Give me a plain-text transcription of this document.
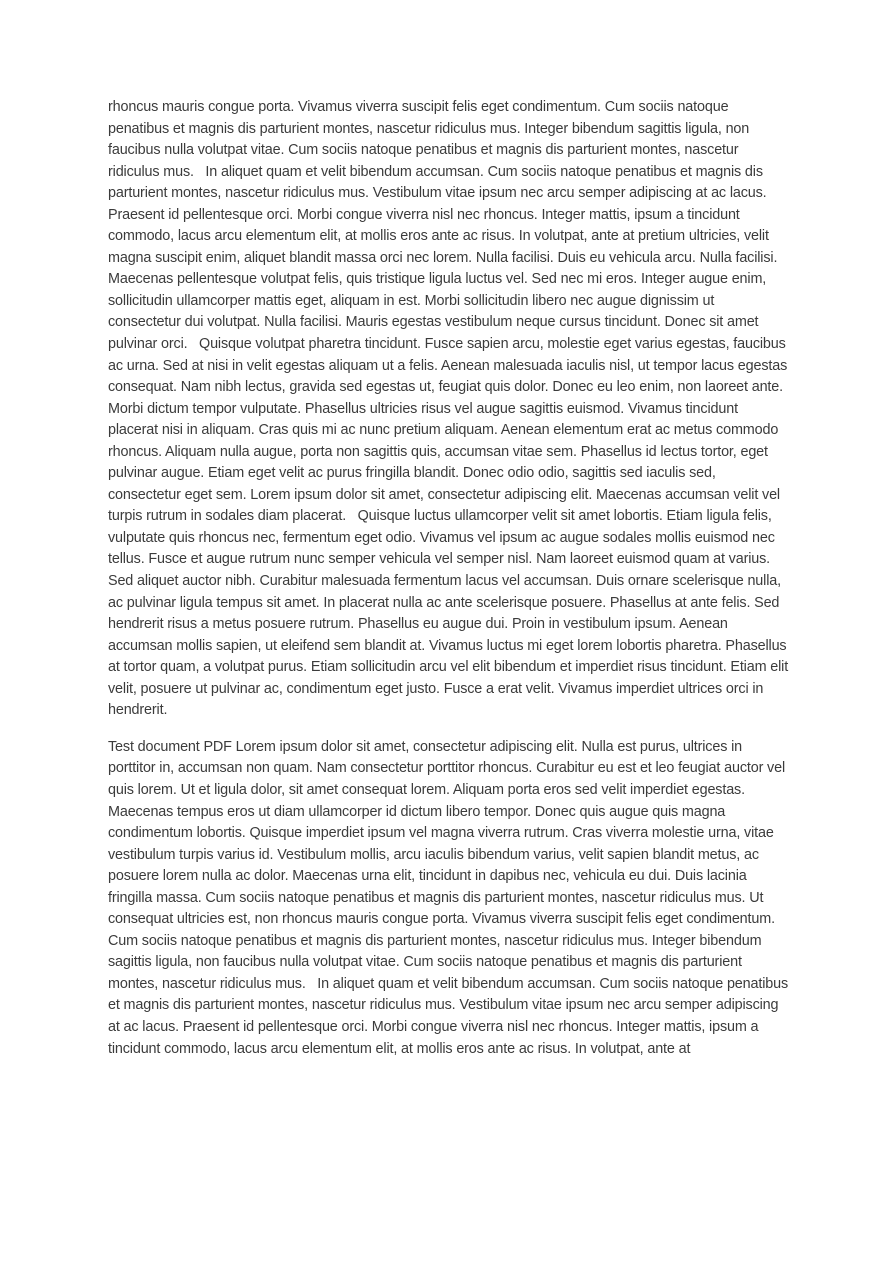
rhoncus mauris congue porta. Vivamus viverra suscipit felis eget condimentum. Cum sociis natoque penatibus et magnis dis parturient montes, nascetur ridiculus mus. Integer bibendum sagittis ligula, non faucibus nulla volutpat vitae. Cum sociis natoque penatibus et magnis dis parturient montes, nascetur ridiculus mus.   In aliquet quam et velit bibendum accumsan. Cum sociis natoque penatibus et magnis dis parturient montes, nascetur ridiculus mus. Vestibulum vitae ipsum nec arcu semper adipiscing at ac lacus. Praesent id pellentesque orci. Morbi congue viverra nisl nec rhoncus. Integer mattis, ipsum a tincidunt commodo, lacus arcu elementum elit, at mollis eros ante ac risus. In volutpat, ante at pretium ultricies, velit magna suscipit enim, aliquet blandit massa orci nec lorem. Nulla facilisi. Duis eu vehicula arcu. Nulla facilisi. Maecenas pellentesque volutpat felis, quis tristique ligula luctus vel. Sed nec mi eros. Integer augue enim, sollicitudin ullamcorper mattis eget, aliquam in est. Morbi sollicitudin libero nec augue dignissim ut consectetur dui volutpat. Nulla facilisi. Mauris egestas vestibulum neque cursus tincidunt. Donec sit amet pulvinar orci.   Quisque volutpat pharetra tincidunt. Fusce sapien arcu, molestie eget varius egestas, faucibus ac urna. Sed at nisi in velit egestas aliquam ut a felis. Aenean malesuada iaculis nisl, ut tempor lacus egestas consequat. Nam nibh lectus, gravida sed egestas ut, feugiat quis dolor. Donec eu leo enim, non laoreet ante. Morbi dictum tempor vulputate. Phasellus ultricies risus vel augue sagittis euismod. Vivamus tincidunt placerat nisi in aliquam. Cras quis mi ac nunc pretium aliquam. Aenean elementum erat ac metus commodo rhoncus. Aliquam nulla augue, porta non sagittis quis, accumsan vitae sem. Phasellus id lectus tortor, eget pulvinar augue. Etiam eget velit ac purus fringilla blandit. Donec odio odio, sagittis sed iaculis sed, consectetur eget sem. Lorem ipsum dolor sit amet, consectetur adipiscing elit. Maecenas accumsan velit vel turpis rutrum in sodales diam placerat.   Quisque luctus ullamcorper velit sit amet lobortis. Etiam ligula felis, vulputate quis rhoncus nec, fermentum eget odio. Vivamus vel ipsum ac augue sodales mollis euismod nec tellus. Fusce et augue rutrum nunc semper vehicula vel semper nisl. Nam laoreet euismod quam at varius. Sed aliquet auctor nibh. Curabitur malesuada fermentum lacus vel accumsan. Duis ornare scelerisque nulla, ac pulvinar ligula tempus sit amet. In placerat nulla ac ante scelerisque posuere. Phasellus at ante felis. Sed hendrerit risus a metus posuere rutrum. Phasellus eu augue dui. Proin in vestibulum ipsum. Aenean accumsan mollis sapien, ut eleifend sem blandit at. Vivamus luctus mi eget lorem lobortis pharetra. Phasellus at tortor quam, a volutpat purus. Etiam sollicitudin arcu vel elit bibendum et imperdiet risus tincidunt. Etiam elit velit, posuere ut pulvinar ac, condimentum eget justo. Fusce a erat velit. Vivamus imperdiet ultrices orci in hendrerit.

Test document PDF Lorem ipsum dolor sit amet, consectetur adipiscing elit. Nulla est purus, ultrices in porttitor in, accumsan non quam. Nam consectetur porttitor rhoncus. Curabitur eu est et leo feugiat auctor vel quis lorem. Ut et ligula dolor, sit amet consequat lorem. Aliquam porta eros sed velit imperdiet egestas. Maecenas tempus eros ut diam ullamcorper id dictum libero tempor. Donec quis augue quis magna condimentum lobortis. Quisque imperdiet ipsum vel magna viverra rutrum. Cras viverra molestie urna, vitae vestibulum turpis varius id. Vestibulum mollis, arcu iaculis bibendum varius, velit sapien blandit metus, ac posuere lorem nulla ac dolor. Maecenas urna elit, tincidunt in dapibus nec, vehicula eu dui. Duis lacinia fringilla massa. Cum sociis natoque penatibus et magnis dis parturient montes, nascetur ridiculus mus. Ut consequat ultricies est, non rhoncus mauris congue porta. Vivamus viverra suscipit felis eget condimentum. Cum sociis natoque penatibus et magnis dis parturient montes, nascetur ridiculus mus. Integer bibendum sagittis ligula, non faucibus nulla volutpat vitae. Cum sociis natoque penatibus et magnis dis parturient montes, nascetur ridiculus mus.   In aliquet quam et velit bibendum accumsan. Cum sociis natoque penatibus et magnis dis parturient montes, nascetur ridiculus mus. Vestibulum vitae ipsum nec arcu semper adipiscing at ac lacus. Praesent id pellentesque orci. Morbi congue viverra nisl nec rhoncus. Integer mattis, ipsum a tincidunt commodo, lacus arcu elementum elit, at mollis eros ante ac risus. In volutpat, ante at
